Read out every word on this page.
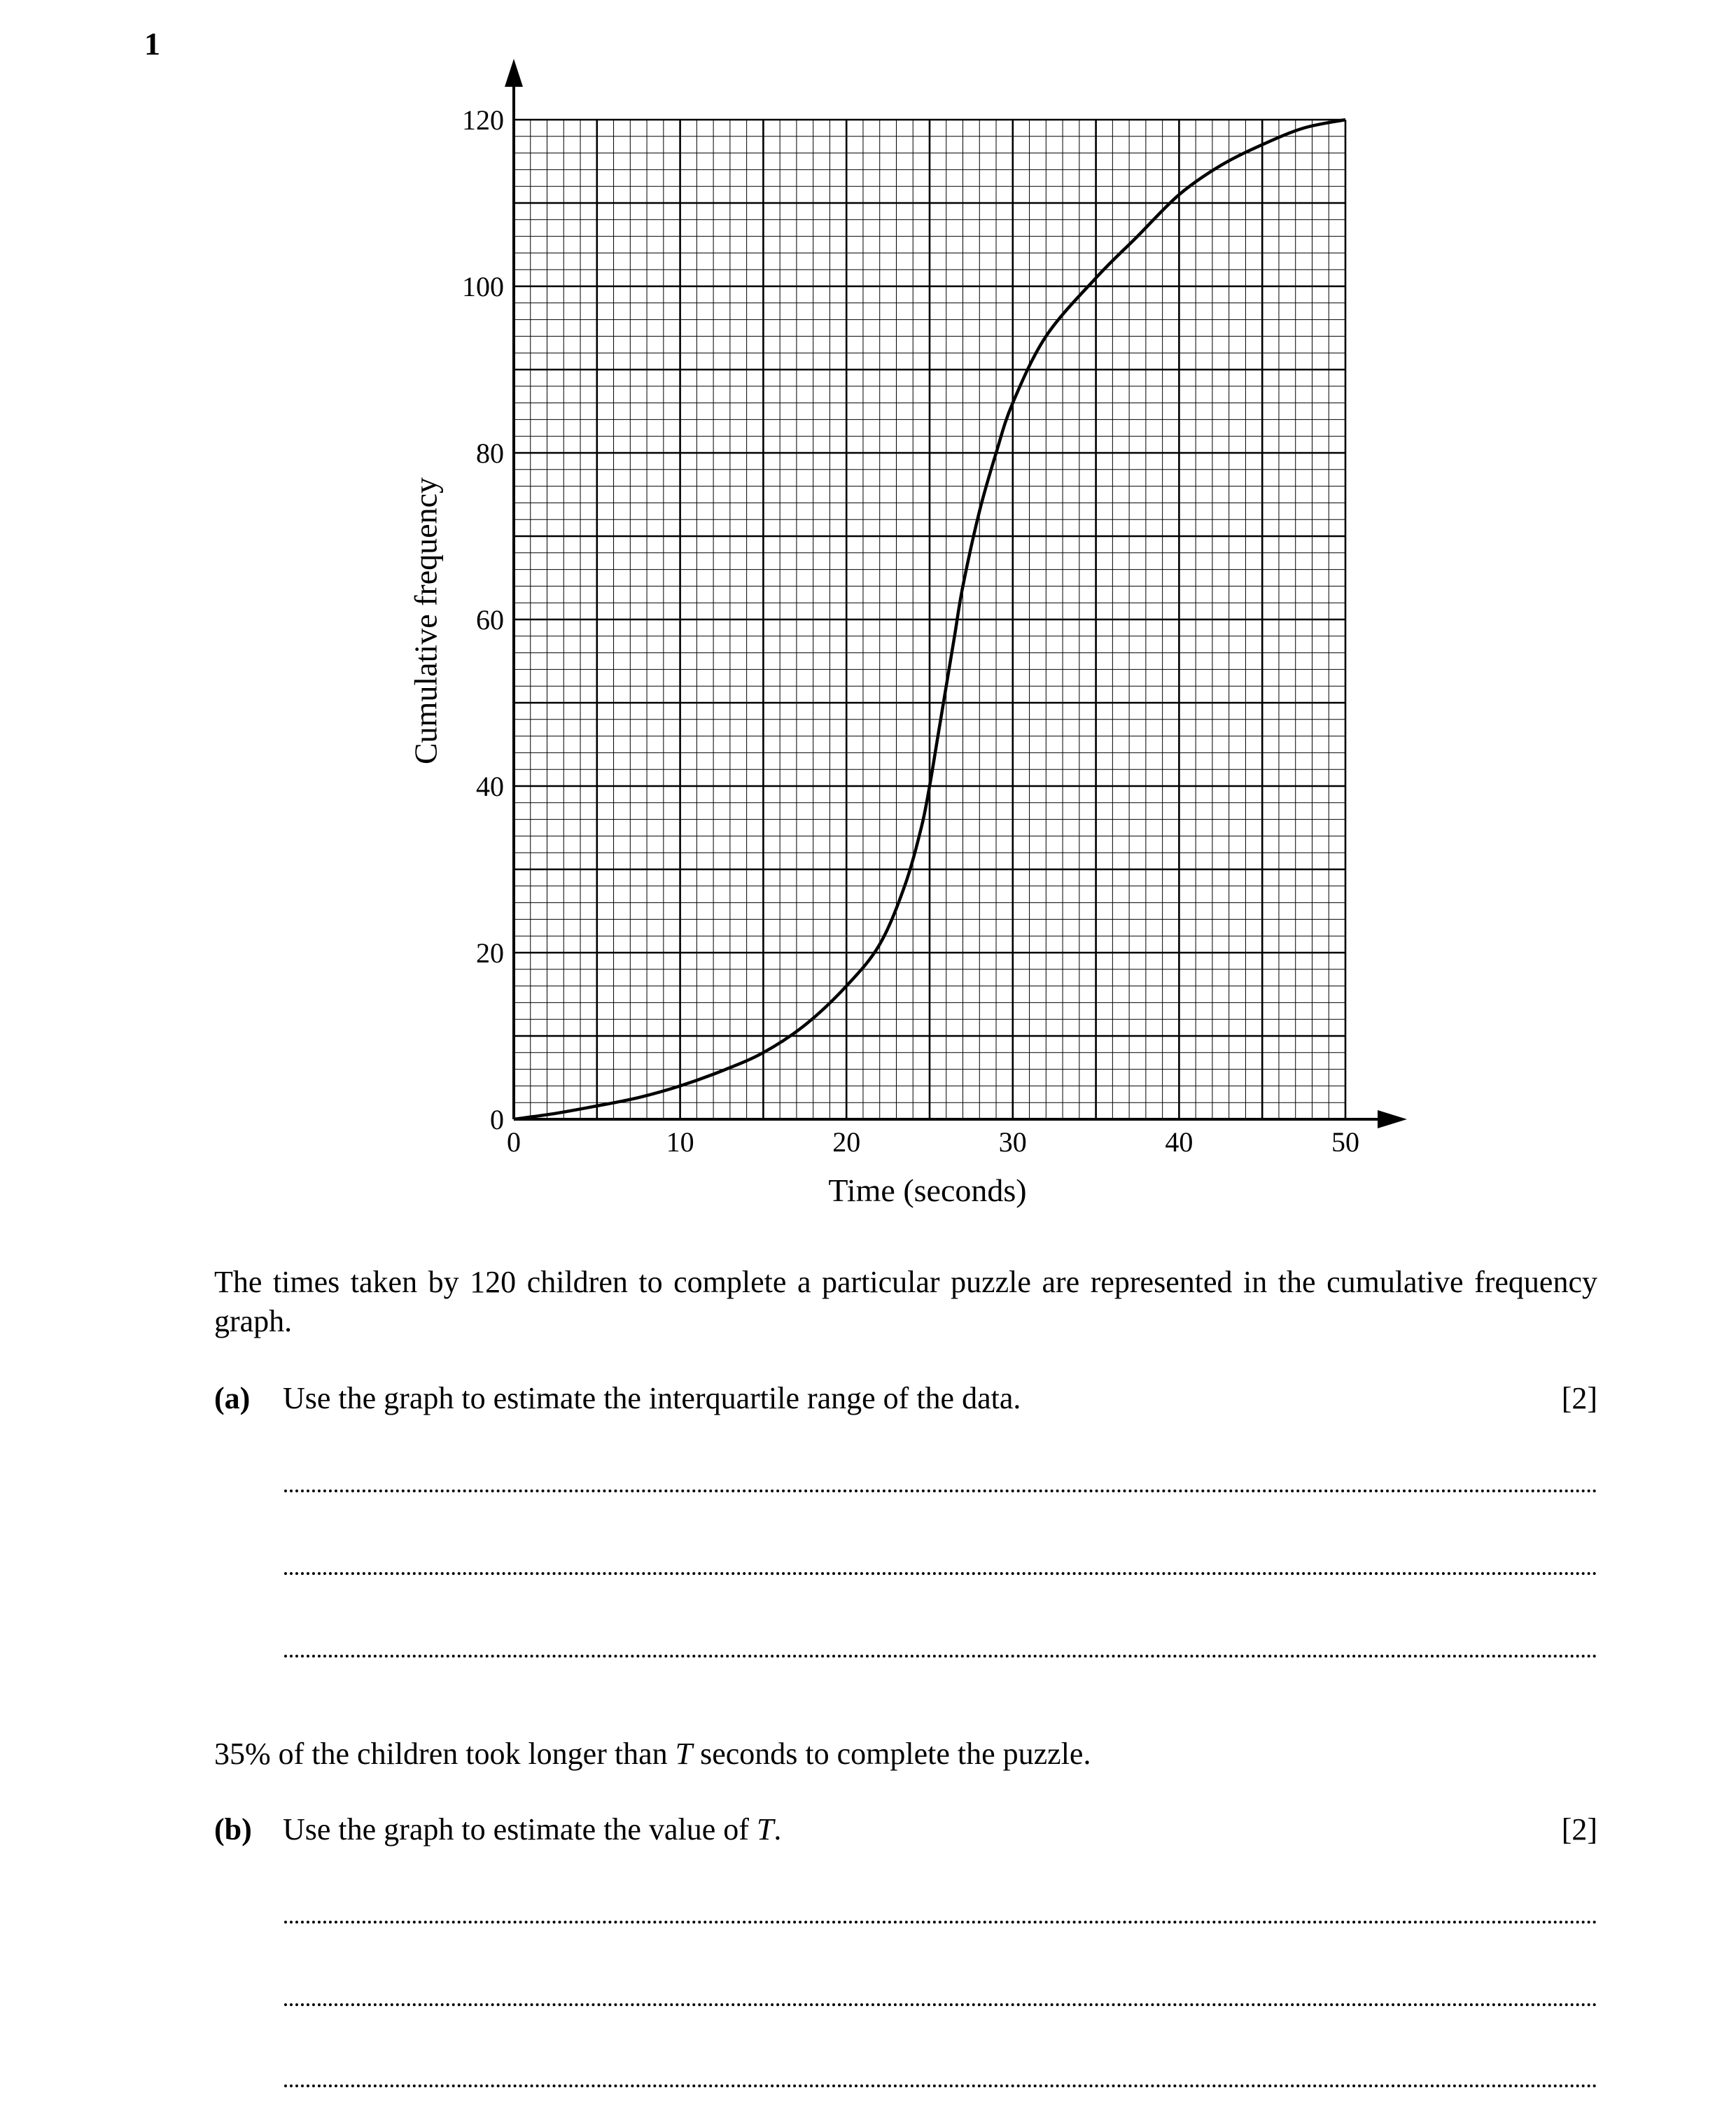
1
0	10	20	30	40	50
0
20
40
60
80
100
120
Time (seconds)
Cumulative frequency
The times taken by 120 children to complete a particular puzzle are represented in the cumulative frequency graph.
(a) Use the graph to estimate the interquartile range of the data.	[2]
35% of the children took longer than T seconds to complete the puzzle.
(b) Use the graph to estimate the value of T.	[2]
